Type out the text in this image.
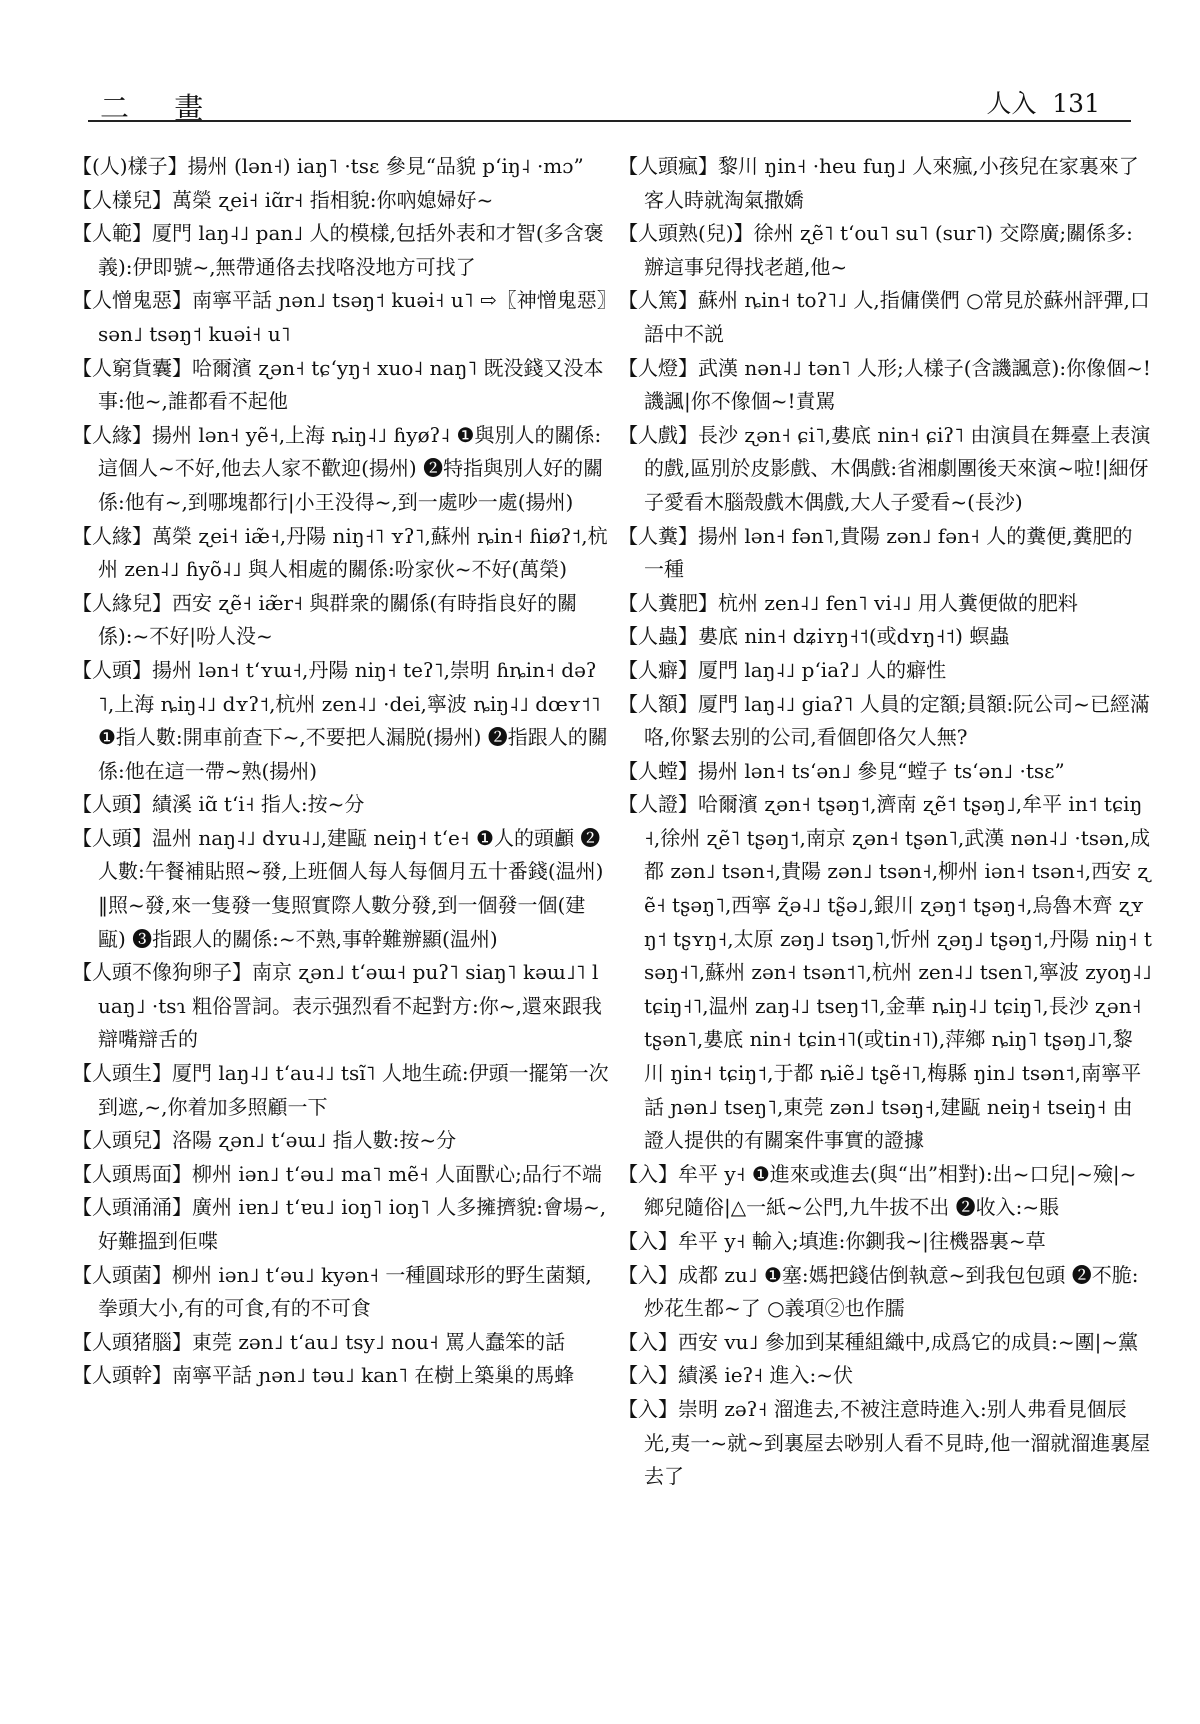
二 畫	人入 131

【(人)樣子】揚州 (lən˧) iaŋ˥ ·tsɛ 參見“品貌 pʻiŋ˨ ·mɔ”

【人樣兒】萬榮 ʐei˧ iɑ̃r˧ 指相貌:你吶媳婦好~

【人範】厦門 laŋ˨˩ pan˩ 人的模樣,包括外表和才智(多含褒義):伊即號~,無帶通佫去找咯没地方可找了

【人憎鬼惡】南寧平話 ɲən˩ tsəŋ˦ kuəi˧ u˥ ⇨〖神憎鬼惡〗sən˩ tsəŋ˦ kuəi˧ u˥

【人窮貨囊】哈爾濱 ʐən˧ tɕʻyŋ˧ xuo˨ naŋ˥ 既没錢又没本事:他~,誰都看不起他

【人緣】揚州 lən˧ yẽ˧,上海 ȵiŋ˨˩ ɦyøʔ˨ ❶與別人的關係:這個人~不好,他去人家不歡迎(揚州) ❷特指與別人好的關係:他有~,到哪塊都行|小王没得~,到一處吵一處(揚州)

【人緣】萬榮 ʐei˧ iæ̃˧,丹陽 niŋ˧˥ ʏʔ˥,蘇州 ȵin˧ ɦiøʔ˦,杭州 zen˨˩ ɦyõ˨˩ 與人相處的關係:吩家伙~不好(萬榮)

【人緣兒】西安 ʐẽ˧ iæ̃r˧ 與群衆的關係(有時指良好的關係):~不好|吩人没~

【人頭】揚州 lən˧ tʻʏɯ˧,丹陽 niŋ˧ teʔ˥,崇明 ɦȵin˧ dəʔ˥,上海 ȵiŋ˨˩ dʏʔ˦,杭州 zen˨˩ ·dei,寧波 ȵiŋ˨˩ dœʏ˦˥ ❶指人數:開車前查下~,不要把人漏脱(揚州) ❷指跟人的關係:他在這一帶~熟(揚州)

【人頭】績溪 iɑ̃ tʻi˧ 指人:按~分

【人頭】温州 naŋ˨˩ dʏu˨˩,建甌 neiŋ˧ tʻe˧ ❶人的頭顱 ❷人數:午餐補貼照~發,上班個人每人每個月五十番錢(温州)‖照~發,來一隻發一隻照實際人數分發,到一個發一個(建甌) ❸指跟人的關係:~不熟,事幹難辦顯(温州)

【人頭不像狗卵子】南京 ʐən˩ tʻəɯ˧ puʔ˥ siaŋ˥ kəɯ˩˥ luaŋ˩ ·tsɿ 粗俗詈詞。表示强烈看不起對方:你~,還來跟我辯嘴辯舌的

【人頭生】厦門 laŋ˨˩ tʻau˨˩ tsĩ˥ 人地生疏:伊頭一擺第一次到遮,~,你着加多照顧一下

【人頭兒】洛陽 ʐən˩ tʻəɯ˩ 指人數:按~分

【人頭馬面】柳州 iən˩ tʻəu˩ ma˥ mẽ˧ 人面獸心;品行不端

【人頭涌涌】廣州 iɐn˩ tʻɐu˩ ioŋ˥ ioŋ˥ 人多擁擠貌:會場~,好難搵到佢喋

【人頭菌】柳州 iən˩ tʻəu˩ kyən˧ 一種圓球形的野生菌類,拳頭大小,有的可食,有的不可食

【人頭猪腦】東莞 zən˩ tʻau˩ tsy˩ nou˧ 罵人蠢笨的話

【人頭幹】南寧平話 ɲən˩ təu˩ kan˥ 在樹上築巢的馬蜂

【人頭瘋】黎川 ŋin˧ ·heu fuŋ˩ 人來瘋,小孩兒在家裏來了客人時就淘氣撒嬌

【人頭熟(兒)】徐州 ʐẽ˥ tʻou˥ su˥ (sur˥) 交際廣;關係多:辦這事兒得找老趙,他~

【人篤】蘇州 ȵin˧ toʔ˥˩ 人,指傭僕們 ○常見於蘇州評彈,口語中不説

【人燈】武漢 nən˨˩ tən˥ 人形;人樣子(含譏諷意):你像個~!譏諷|你不像個~!責駡

【人戲】長沙 ʐən˧ ɕi˥,婁底 nin˧ ɕiʔ˥ 由演員在舞臺上表演的戲,區別於皮影戲、木偶戲:省湘劇團後天來演~啦!|細伢子愛看木腦殼戲木偶戲,大人子愛看~(長沙)

【人糞】揚州 lən˧ fən˥,貴陽 zən˩ fən˧ 人的糞便,糞肥的一種

【人糞肥】杭州 zen˨˩ fen˥ vi˨˩ 用人糞便做的肥料

【人蟲】婁底 nin˧ dʑiʏŋ˧˦(或dʏŋ˧˦) 螟蟲

【人癖】厦門 laŋ˨˩ pʻiaʔ˩ 人的癖性

【人額】厦門 laŋ˨˩ giaʔ˥ 人員的定額;員額:阮公司~已經滿咯,你緊去别的公司,看個卽佫欠人無?

【人螳】揚州 lən˧ tsʻən˩ 參見“螳子 tsʻən˩ ·tsɛ”

【人證】哈爾濱 ʐən˧ tʂəŋ˦,濟南 ʐẽ˦ tʂəŋ˩,牟平 in˦ tɕiŋ˧,徐州 ʐẽ˥ tʂəŋ˦,南京 ʐən˧ tʂən˥,武漢 nən˨˩ ·tsən,成都 zən˩ tsən˧,貴陽 zən˩ tsən˧,柳州 iən˧ tsən˧,西安 ʐẽ˧ tʂəŋ˥,西寧 ʐ̃ə˨˩ tʂ̃ə˩,銀川 ʐəŋ˦ tʂəŋ˧,烏魯木齊 ʐʏŋ˦ tʂʏŋ˧,太原 zəŋ˩ tsəŋ˥,忻州 ʐəŋ˩ tʂəŋ˦,丹陽 niŋ˧ tsəŋ˧˥,蘇州 zən˧ tsən˦˥,杭州 zen˨˩ tsen˥,寧波 zyoŋ˨˩ tɕiŋ˧˥,温州 zaŋ˨˩ tseŋ˦˥,金華 ȵiŋ˨˩ tɕiŋ˥,長沙 ʐən˧ tʂən˥,婁底 nin˧ tɕin˧˥(或tin˧˥),萍鄉 ȵiŋ˥ tʂəŋ˩˥,黎川 ŋin˧ tɕiŋ˦,于都 ȵiẽ˩ tʂẽ˧˥,梅縣 ŋin˩ tsən˦,南寧平話 ɲən˩ tseŋ˥,東莞 zən˩ tsəŋ˧,建甌 neiŋ˧ tseiŋ˧ 由證人提供的有關案件事實的證據

【入】牟平 y˧ ❶進來或進去(與“出”相對):出~口兒|~殮|~鄉兒隨俗|△一紙~公門,九牛拔不出 ❷收入:~賬

【入】牟平 y˧ 輸入;填進:你鍘我~|往機器裏~草

【入】成都 zu˩ ❶塞:媽把錢估倒執意~到我包包頭 ❷不脆:炒花生都~了 ○義項②也作臑

【入】西安 vu˩ 參加到某種組織中,成爲它的成員:~團|~黨

【入】績溪 ieʔ˧ 進入:~伏

【入】崇明 zəʔ˧ 溜進去,不被注意時進入:别人弗看見個辰光,夷一~就~到裏屋去唦别人看不見時,他一溜就溜進裏屋去了
